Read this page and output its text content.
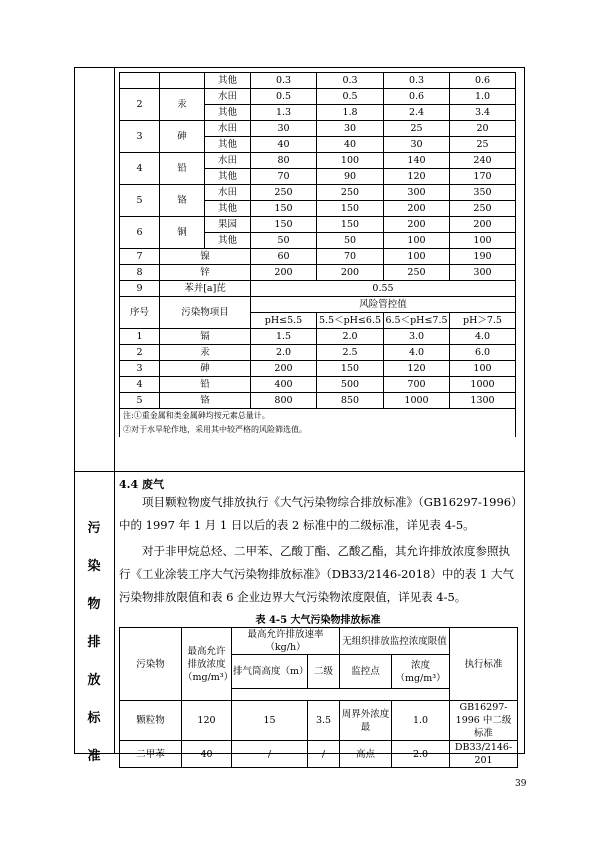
污
染
物
排
放
标
准
		其他	0.3	0.3	0.3	0.6
2	汞	水田	0.5	0.5	0.6	1.0
		其他	1.3	1.8	2.4	3.4
3	砷	水田	30	30	25	20
		其他	40	40	30	25
4	铅	水田	80	100	140	240
		其他	70	90	120	170
5	铬	水田	250	250	300	350
		其他	150	150	200	250
6	铜	果园	150	150	200	200
		其他	50	50	100	100
7	镍		60	70	100	190
8	锌		200	200	250	300
9	苯并[a]芘		0.55			
序号	污染物项目		风险管控值			
			pH≤5.5	5.5＜pH≤6.5	6.5＜pH≤7.5	pH＞7.5
1	镉		1.5	2.0	3.0	4.0
2	汞		2.0	2.5	4.0	6.0
3	砷		200	150	120	100
4	铅		400	500	700	1000
5	铬		800	850	1000	1300
注:①重金属和类金属砷均按元素总量计。						
②对于水旱轮作地，采用其中较严格的风险筛选值。						
4.4 废气

项目颗粒物废气排放执行《大气污染物综合排放标准》（GB16297-1996）中的 1997 年 1 月 1 日以后的表 2 标准中的二级标准，详见表 4-5。

对于非甲烷总烃、二甲苯、乙酸丁酯、乙酸乙酯，其允许排放浓度参照执行《工业涂装工序大气污染物排放标准》（DB33/2146-2018）中的表 1 大气污染物排放限值和表 6 企业边界大气污染物浓度限值，详见表 4-5。

表 4-5 大气污染物排放标准
污染物	最高允许排放浓度（mg/m³）	最高允许排放速率（kg/h）		无组织排放监控浓度限值		执行标准
		排气筒高度（m）	二级	监控点	浓度（mg/m³）	

颗粒物	120	15	3.5	周界外浓度最	1.0	GB16297-1996 中二级标准
二甲苯	40	/	/	高点	2.0	DB33/2146-201
39
